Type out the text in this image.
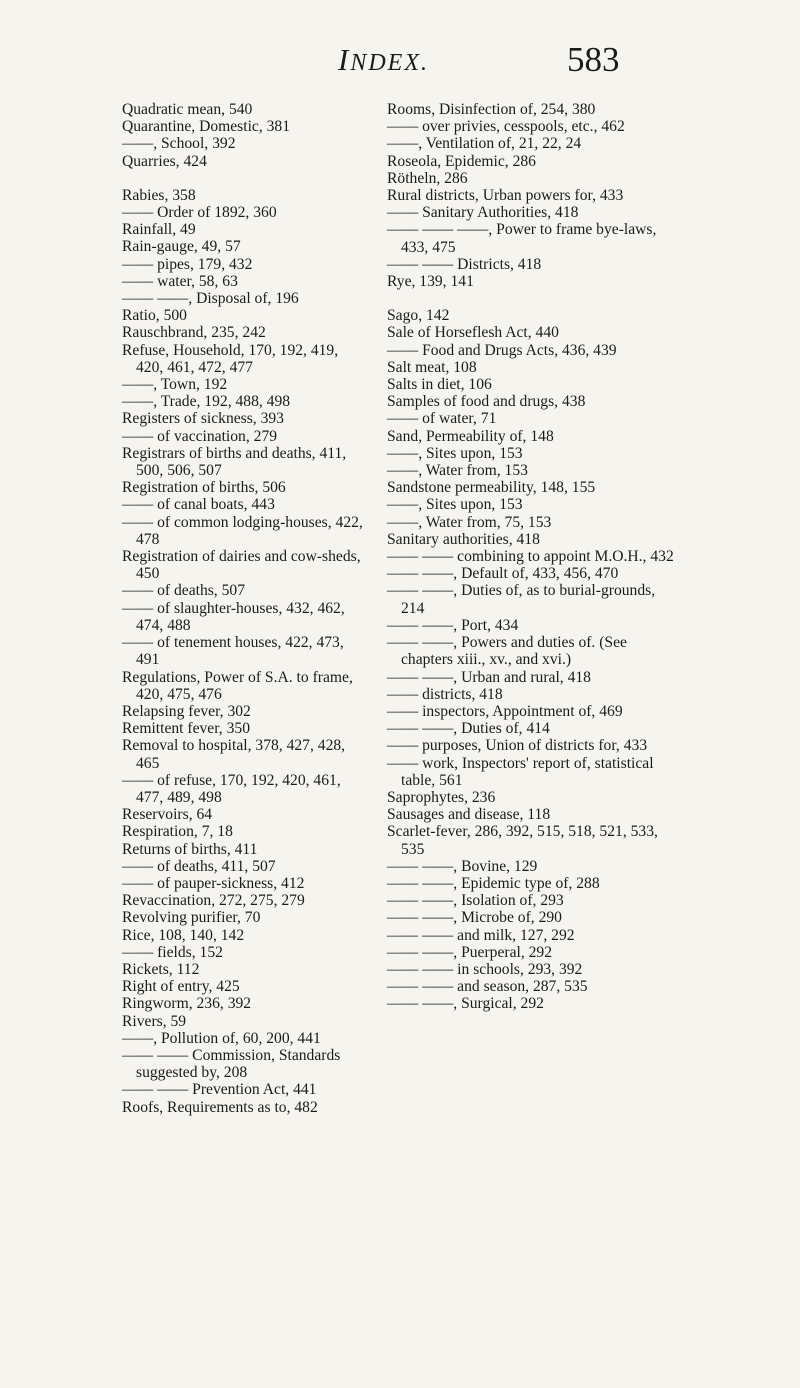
INDEX.	583
Quadratic mean, 540
Quarantine, Domestic, 381
——, School, 392
Quarries, 424
Rabies, 358
—— Order of 1892, 360
Rainfall, 49
Rain-gauge, 49, 57
—— pipes, 179, 432
—— water, 58, 63
—— ——, Disposal of, 196
Ratio, 500
Rauschbrand, 235, 242
Refuse, Household, 170, 192, 419, 420, 461, 472, 477
——, Town, 192
——, Trade, 192, 488, 498
Registers of sickness, 393
—— of vaccination, 279
Registrars of births and deaths, 411, 500, 506, 507
Registration of births, 506
—— of canal boats, 443
—— of common lodging-houses, 422, 478
Registration of dairies and cow-sheds, 450
—— of deaths, 507
—— of slaughter-houses, 432, 462, 474, 488
—— of tenement houses, 422, 473, 491
Regulations, Power of S.A. to frame, 420, 475, 476
Relapsing fever, 302
Remittent fever, 350
Removal to hospital, 378, 427, 428, 465
—— of refuse, 170, 192, 420, 461, 477, 489, 498
Reservoirs, 64
Respiration, 7, 18
Returns of births, 411
—— of deaths, 411, 507
—— of pauper-sickness, 412
Revaccination, 272, 275, 279
Revolving purifier, 70
Rice, 108, 140, 142
—— fields, 152
Rickets, 112
Right of entry, 425
Ringworm, 236, 392
Rivers, 59
——, Pollution of, 60, 200, 441
—— —— Commission, Standards suggested by, 208
—— —— Prevention Act, 441
Roofs, Requirements as to, 482
Rooms, Disinfection of, 254, 380
—— over privies, cesspools, etc., 462
——, Ventilation of, 21, 22, 24
Roseola, Epidemic, 286
Rötheln, 286
Rural districts, Urban powers for, 433
—— Sanitary Authorities, 418
—— —— ——, Power to frame bye-laws, 433, 475
—— —— Districts, 418
Rye, 139, 141
Sago, 142
Sale of Horseflesh Act, 440
—— Food and Drugs Acts, 436, 439
Salt meat, 108
Salts in diet, 106
Samples of food and drugs, 438
—— of water, 71
Sand, Permeability of, 148
——, Sites upon, 153
——, Water from, 153
Sandstone permeability, 148, 155
——, Sites upon, 153
——, Water from, 75, 153
Sanitary authorities, 418
—— —— combining to appoint M.O.H., 432
—— ——, Default of, 433, 456, 470
—— ——, Duties of, as to burial-grounds, 214
—— ——, Port, 434
—— ——, Powers and duties of. (See chapters xiii., xv., and xvi.)
—— ——, Urban and rural, 418
—— districts, 418
—— inspectors, Appointment of, 469
—— ——, Duties of, 414
—— purposes, Union of districts for, 433
—— work, Inspectors' report of, statistical table, 561
Saprophytes, 236
Sausages and disease, 118
Scarlet-fever, 286, 392, 515, 518, 521, 533, 535
—— ——, Bovine, 129
—— ——, Epidemic type of, 288
—— ——, Isolation of, 293
—— ——, Microbe of, 290
—— —— and milk, 127, 292
—— ——, Puerperal, 292
—— —— in schools, 293, 392
—— —— and season, 287, 535
—— ——, Surgical, 292
